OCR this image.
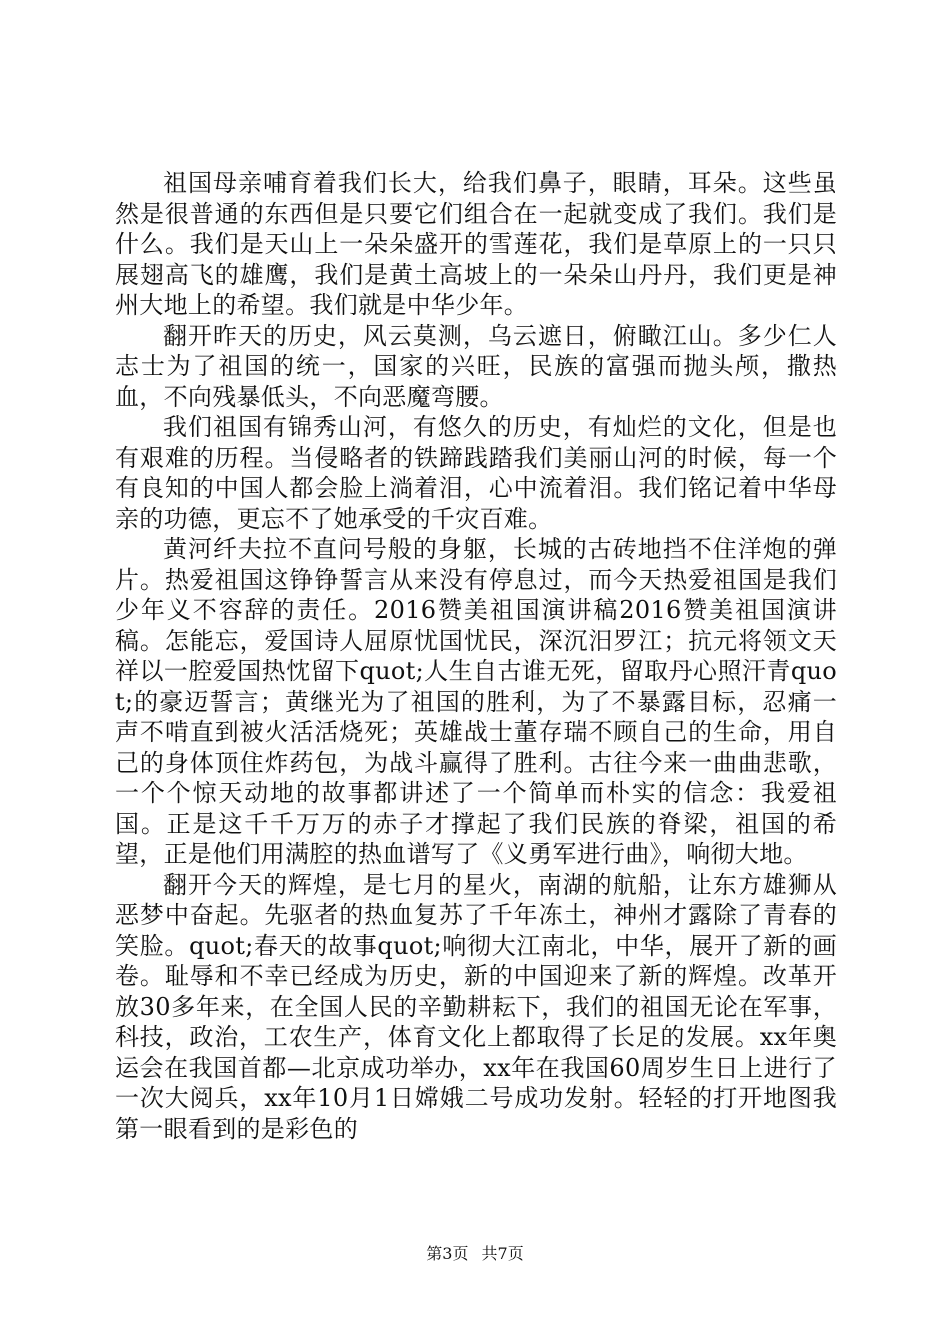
祖国母亲哺育着我们长大，给我们鼻子，眼睛，耳朵。这些虽然是很普通的东西但是只要它们组合在一起就变成了我们。我们是什么。我们是天山上一朵朵盛开的雪莲花，我们是草原上的一只只展翅高飞的雄鹰，我们是黄土高坡上的一朵朵山丹丹，我们更是神州大地上的希望。我们就是中华少年。

翻开昨天的历史，风云莫测，乌云遮日，俯瞰江山。多少仁人志士为了祖国的统一，国家的兴旺，民族的富强而抛头颅，撒热血，不向残暴低头，不向恶魔弯腰。

我们祖国有锦秀山河，有悠久的历史，有灿烂的文化，但是也有艰难的历程。当侵略者的铁蹄践踏我们美丽山河的时候，每一个有良知的中国人都会脸上淌着泪，心中流着泪。我们铭记着中华母亲的功德，更忘不了她承受的千灾百难。

黄河纤夫拉不直问号般的身躯，长城的古砖地挡不住洋炮的弹片。热爱祖国这铮铮誓言从来没有停息过，而今天热爱祖国是我们少年义不容辞的责任。2016赞美祖国演讲稿2016赞美祖国演讲稿。怎能忘，爱国诗人屈原忧国忧民，深沉汨罗江；抗元将领文天祥以一腔爱国热忱留下quot;人生自古谁无死，留取丹心照汗青quot;的豪迈誓言；黄继光为了祖国的胜利，为了不暴露目标，忍痛一声不啃直到被火活活烧死；英雄战士董存瑞不顾自己的生命，用自己的身体顶住炸药包，为战斗赢得了胜利。古往今来一曲曲悲歌，一个个惊天动地的故事都讲述了一个简单而朴实的信念：我爱祖国。正是这千千万万的赤子才撑起了我们民族的脊梁，祖国的希望，正是他们用满腔的热血谱写了《义勇军进行曲》，响彻大地。

翻开今天的辉煌，是七月的星火，南湖的航船，让东方雄狮从恶梦中奋起。先驱者的热血复苏了千年冻土，神州才露除了青春的笑脸。quot;春天的故事quot;响彻大江南北，中华，展开了新的画卷。耻辱和不幸已经成为历史，新的中国迎来了新的辉煌。改革开放30多年来，在全国人民的辛勤耕耘下，我们的祖国无论在军事，科技，政治，工农生产，体育文化上都取得了长足的发展。xx年奥运会在我国首都—北京成功举办，xx年在我国60周岁生日上进行了一次大阅兵，xx年10月1日嫦娥二号成功发射。轻轻的打开地图我第一眼看到的是彩色的

第3页 共7页
